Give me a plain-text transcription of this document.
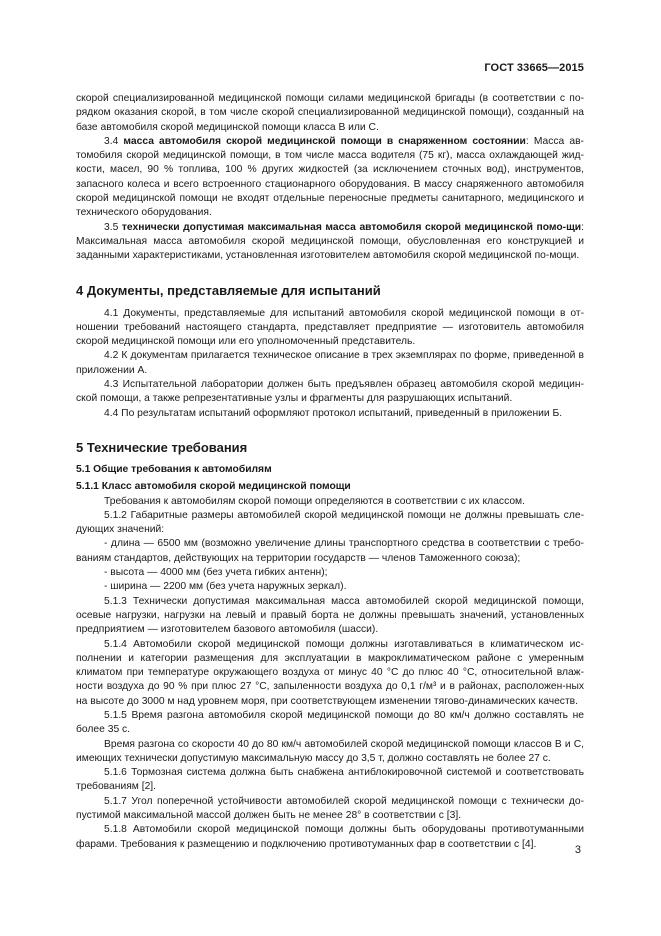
ГОСТ 33665—2015

скорой специализированной медицинской помощи силами медицинской бригады (в соответствии с по-рядком оказания скорой, в том числе скорой специализированной медицинской помощи), созданный на базе автомобиля скорой медицинской помощи класса В или С.

3.4 масса автомобиля скорой медицинской помощи в снаряженном состоянии: Масса ав-томобиля скорой медицинской помощи, в том числе масса водителя (75 кг), масса охлаждающей жид-кости, масел, 90 % топлива, 100 % других жидкостей (за исключением сточных вод), инструментов, запасного колеса и всего встроенного стационарного оборудования. В массу снаряженного автомобиля скорой медицинской помощи не входят отдельные переносные предметы санитарного, медицинского и технического оборудования.

3.5 технически допустимая максимальная масса автомобиля скорой медицинской помо-щи: Максимальная масса автомобиля скорой медицинской помощи, обусловленная его конструкцией и заданными характеристиками, установленная изготовителем автомобиля скорой медицинской по-мощи.

4 Документы, представляемые для испытаний

4.1 Документы, представляемые для испытаний автомобиля скорой медицинской помощи в от-ношении требований настоящего стандарта, представляет предприятие — изготовитель автомобиля скорой медицинской помощи или его уполномоченный представитель.

4.2 К документам прилагается техническое описание в трех экземплярах по форме, приведенной в приложении А.

4.3 Испытательной лаборатории должен быть предъявлен образец автомобиля скорой медицин-ской помощи, а также репрезентативные узлы и фрагменты для разрушающих испытаний.

4.4 По результатам испытаний оформляют протокол испытаний, приведенный в приложении Б.

5 Технические требования

5.1 Общие требования к автомобилям

5.1.1 Класс автомобиля скорой медицинской помощи

Требования к автомобилям скорой помощи определяются в соответствии с их классом.

5.1.2 Габаритные размеры автомобилей скорой медицинской помощи не должны превышать сле-дующих значений:

- длина — 6500 мм (возможно увеличение длины транспортного средства в соответствии с требо-ваниям стандартов, действующих на территории государств — членов Таможенного союза);

- высота — 4000 мм (без учета гибких антенн);

- ширина — 2200 мм (без учета наружных зеркал).

5.1.3 Технически допустимая максимальная масса автомобилей скорой медицинской помощи, осевые нагрузки, нагрузки на левый и правый борта не должны превышать значений, установленных предприятием — изготовителем базового автомобиля (шасси).

5.1.4 Автомобили скорой медицинской помощи должны изготавливаться в климатическом ис-полнении и категории размещения для эксплуатации в макроклиматическом районе с умеренным климатом при температуре окружающего воздуха от минус 40 °С до плюс 40 °С, относительной влаж-ности воздуха до 90 % при плюс 27 °С, запыленности воздуха до 0,1 г/м³ и в районах, расположен-ных на высоте до 3000 м над уровнем моря, при соответствующем изменении тягово-динамических качеств.

5.1.5 Время разгона автомобиля скорой медицинской помощи до 80 км/ч должно составлять не более 35 с.

Время разгона со скорости 40 до 80 км/ч автомобилей скорой медицинской помощи классов В и С, имеющих технически допустимую максимальную массу до 3,5 т, должно составлять не более 27 с.

5.1.6 Тормозная система должна быть снабжена антиблокировочной системой и соответствовать требованиям [2].

5.1.7 Угол поперечной устойчивости автомобилей скорой медицинской помощи с технически до-пустимой максимальной массой должен быть не менее 28° в соответствии с [3].

5.1.8 Автомобили скорой медицинской помощи должны быть оборудованы противотуманными фарами. Требования к размещению и подключению противотуманных фар в соответствии с [4].	3
